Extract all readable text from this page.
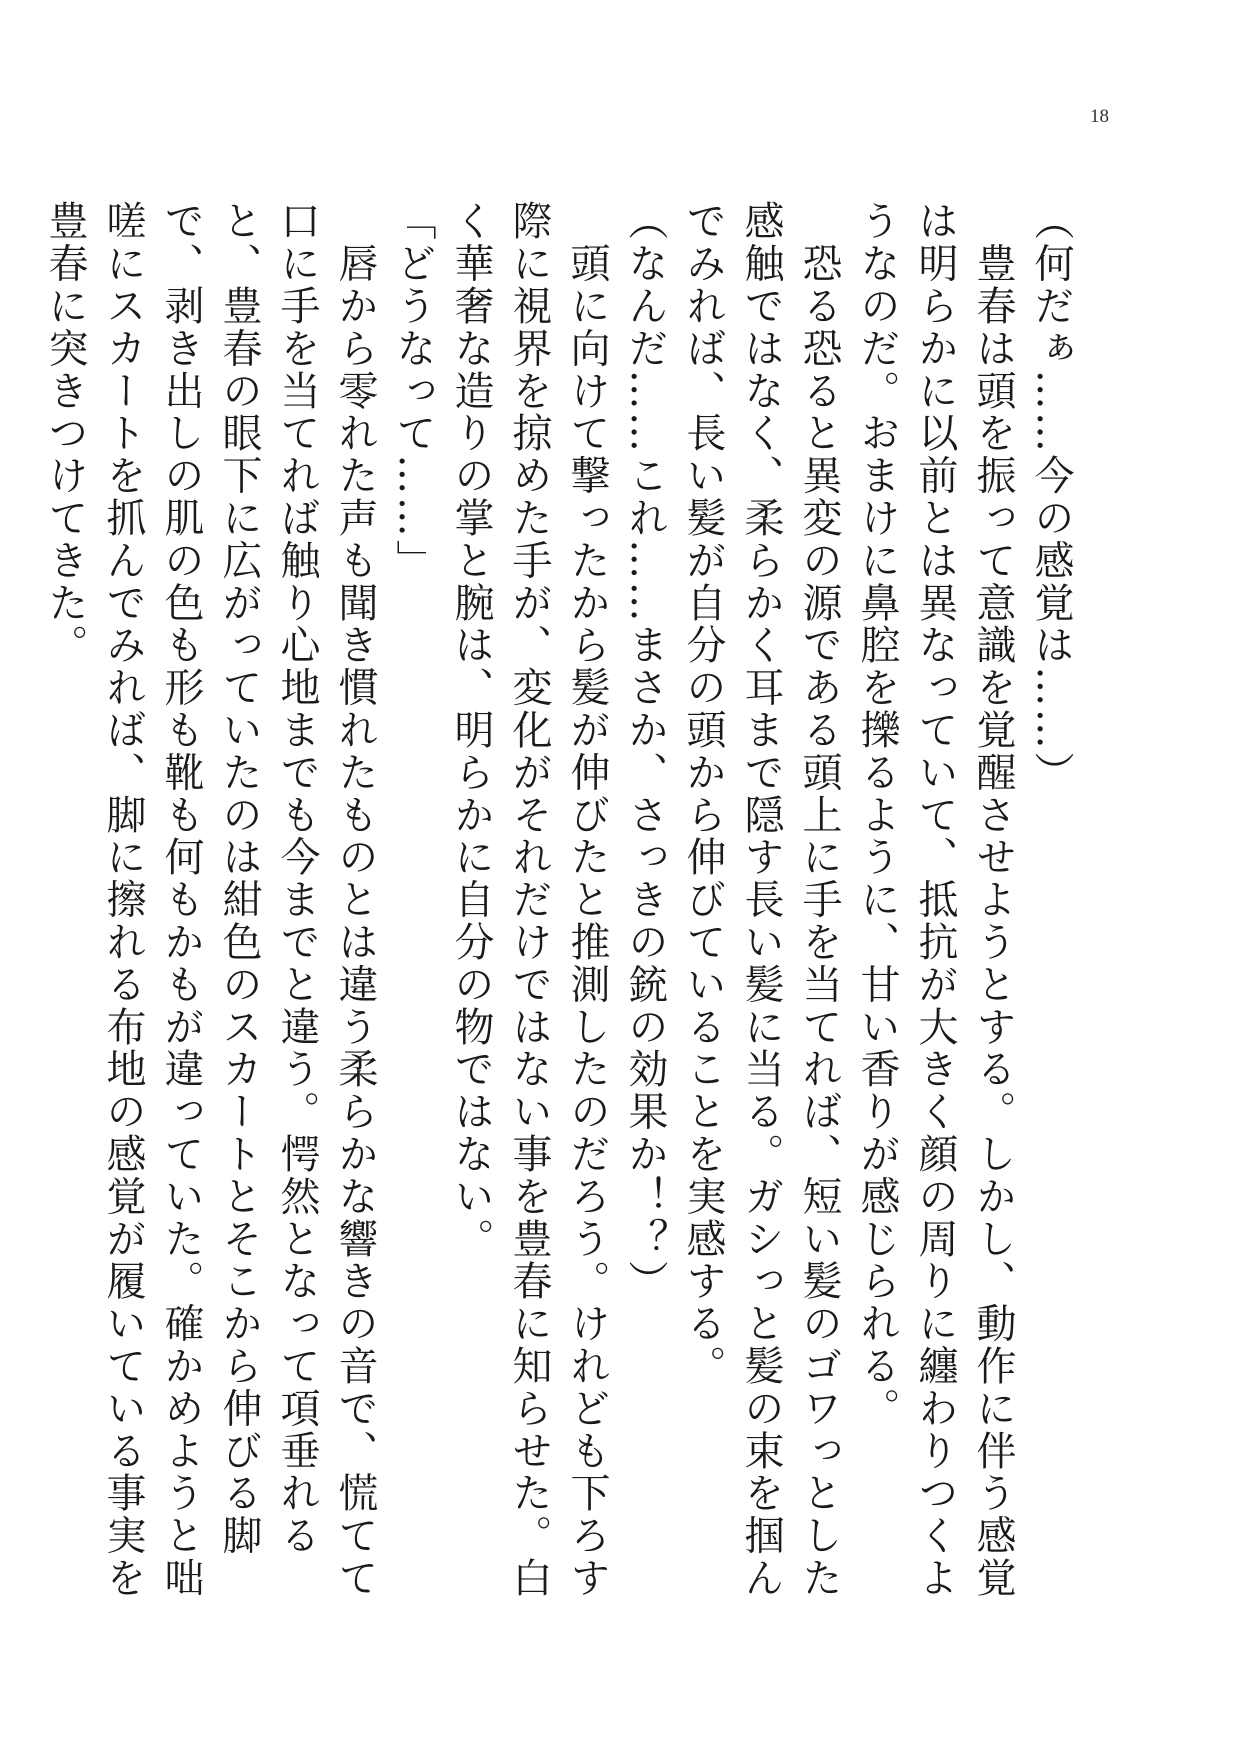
18

（何だぁ……今の感覚は……）

　豊春は頭を振って意識を覚醒させようとする。しかし、動作に伴う感覚は明らかに以前とは異なっていて、抵抗が大きく顔の周りに纏わりつくようなのだ。おまけに鼻腔を擽るように、甘い香りが感じられる。

　恐る恐ると異変の源である頭上に手を当てれば、短い髪のゴワっとした感触ではなく、柔らかく耳まで隠す長い髪に当る。ガシっと髪の束を掴んでみれば、長い髪が自分の頭から伸びていることを実感する。

（なんだ……これ……まさか、さっきの銃の効果か！？）

　頭に向けて撃ったから髪が伸びたと推測したのだろう。けれども下ろす際に視界を掠めた手が、変化がそれだけではない事を豊春に知らせた。白く華奢な造りの掌と腕は、明らかに自分の物ではない。

「どうなって……」

　唇から零れた声も聞き慣れたものとは違う柔らかな響きの音で、慌てて口に手を当てれば触り心地までも今までと違う。愕然となって項垂れると、豊春の眼下に広がっていたのは紺色のスカートとそこから伸びる脚で、剥き出しの肌の色も形も靴も何もかもが違っていた。確かめようと咄嗟にスカートを抓んでみれば、脚に擦れる布地の感覚が履いている事実を豊春に突きつけてきた。
